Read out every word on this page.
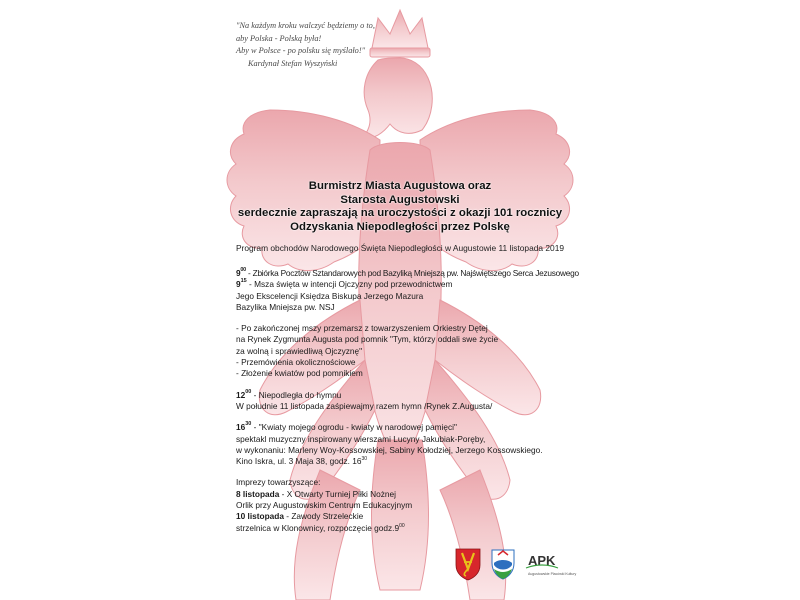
"Na każdym kroku walczyć będziemy o to,
aby Polska - Polską była!
Aby w Polsce - po polsku się myślało!"
Kardynał Stefan Wyszyński
Burmistrz Miasta Augustowa oraz
Starosta Augustowski
serdecznie zapraszają na uroczystości z okazji 101 rocznicy
Odzyskania Niepodległości przez Polskę
Program obchodów Narodowego Święta Niepodległości w Augustowie 11 listopada 2019
$9^{00}$ - Zbiórka Pocztów Sztandarowych pod Bazyliką Mniejszą pw. Najświętszego Serca Jezusowego
$9^{15}$ - Msza święta w intencji Ojczyzny pod przewodnictwem
Jego Ekscelencji Księdza Biskupa Jerzego Mazura
Bazylika Mniejsza pw. NSJ
- Po zakończonej mszy przemarsz z towarzyszeniem Orkiestry Dętej
na Rynek Zygmunta Augusta pod pomnik "Tym, którzy oddali swe życie
za wolną i sprawiedliwą Ojczyznę"
- Przemówienia okolicznościowe
- Złożenie kwiatów pod pomnikiem
$12^{00}$ - Niepodległa do hymnu
W południe 11 listopada zaśpiewajmy razem hymn /Rynek Z.Augusta/
$16^{30}$ - "Kwiaty mojego ogrodu - kwiaty w narodowej pamięci"
spektakl muzyczny inspirowany wierszami Lucyny Jakubiak-Poręby,
w wykonaniu: Marleny Woy-Kossowskiej, Sabiny Kołodziej, Jerzego Kossowskiego.
Kino Iskra, ul. 3 Maja 38, godz. $16^{30}$
Imprezy towarzyszące:
8 listopada - X Otwarty Turniej Piłki Nożnej
Orlik przy Augustowskim Centrum Edukacyjnym
10 listopada - Zawody Strzeleckie
strzelnica w Klonownicy, rozpoczęcie $godz.9^{00}$
APK
Augustowskie Placówki Kultury
